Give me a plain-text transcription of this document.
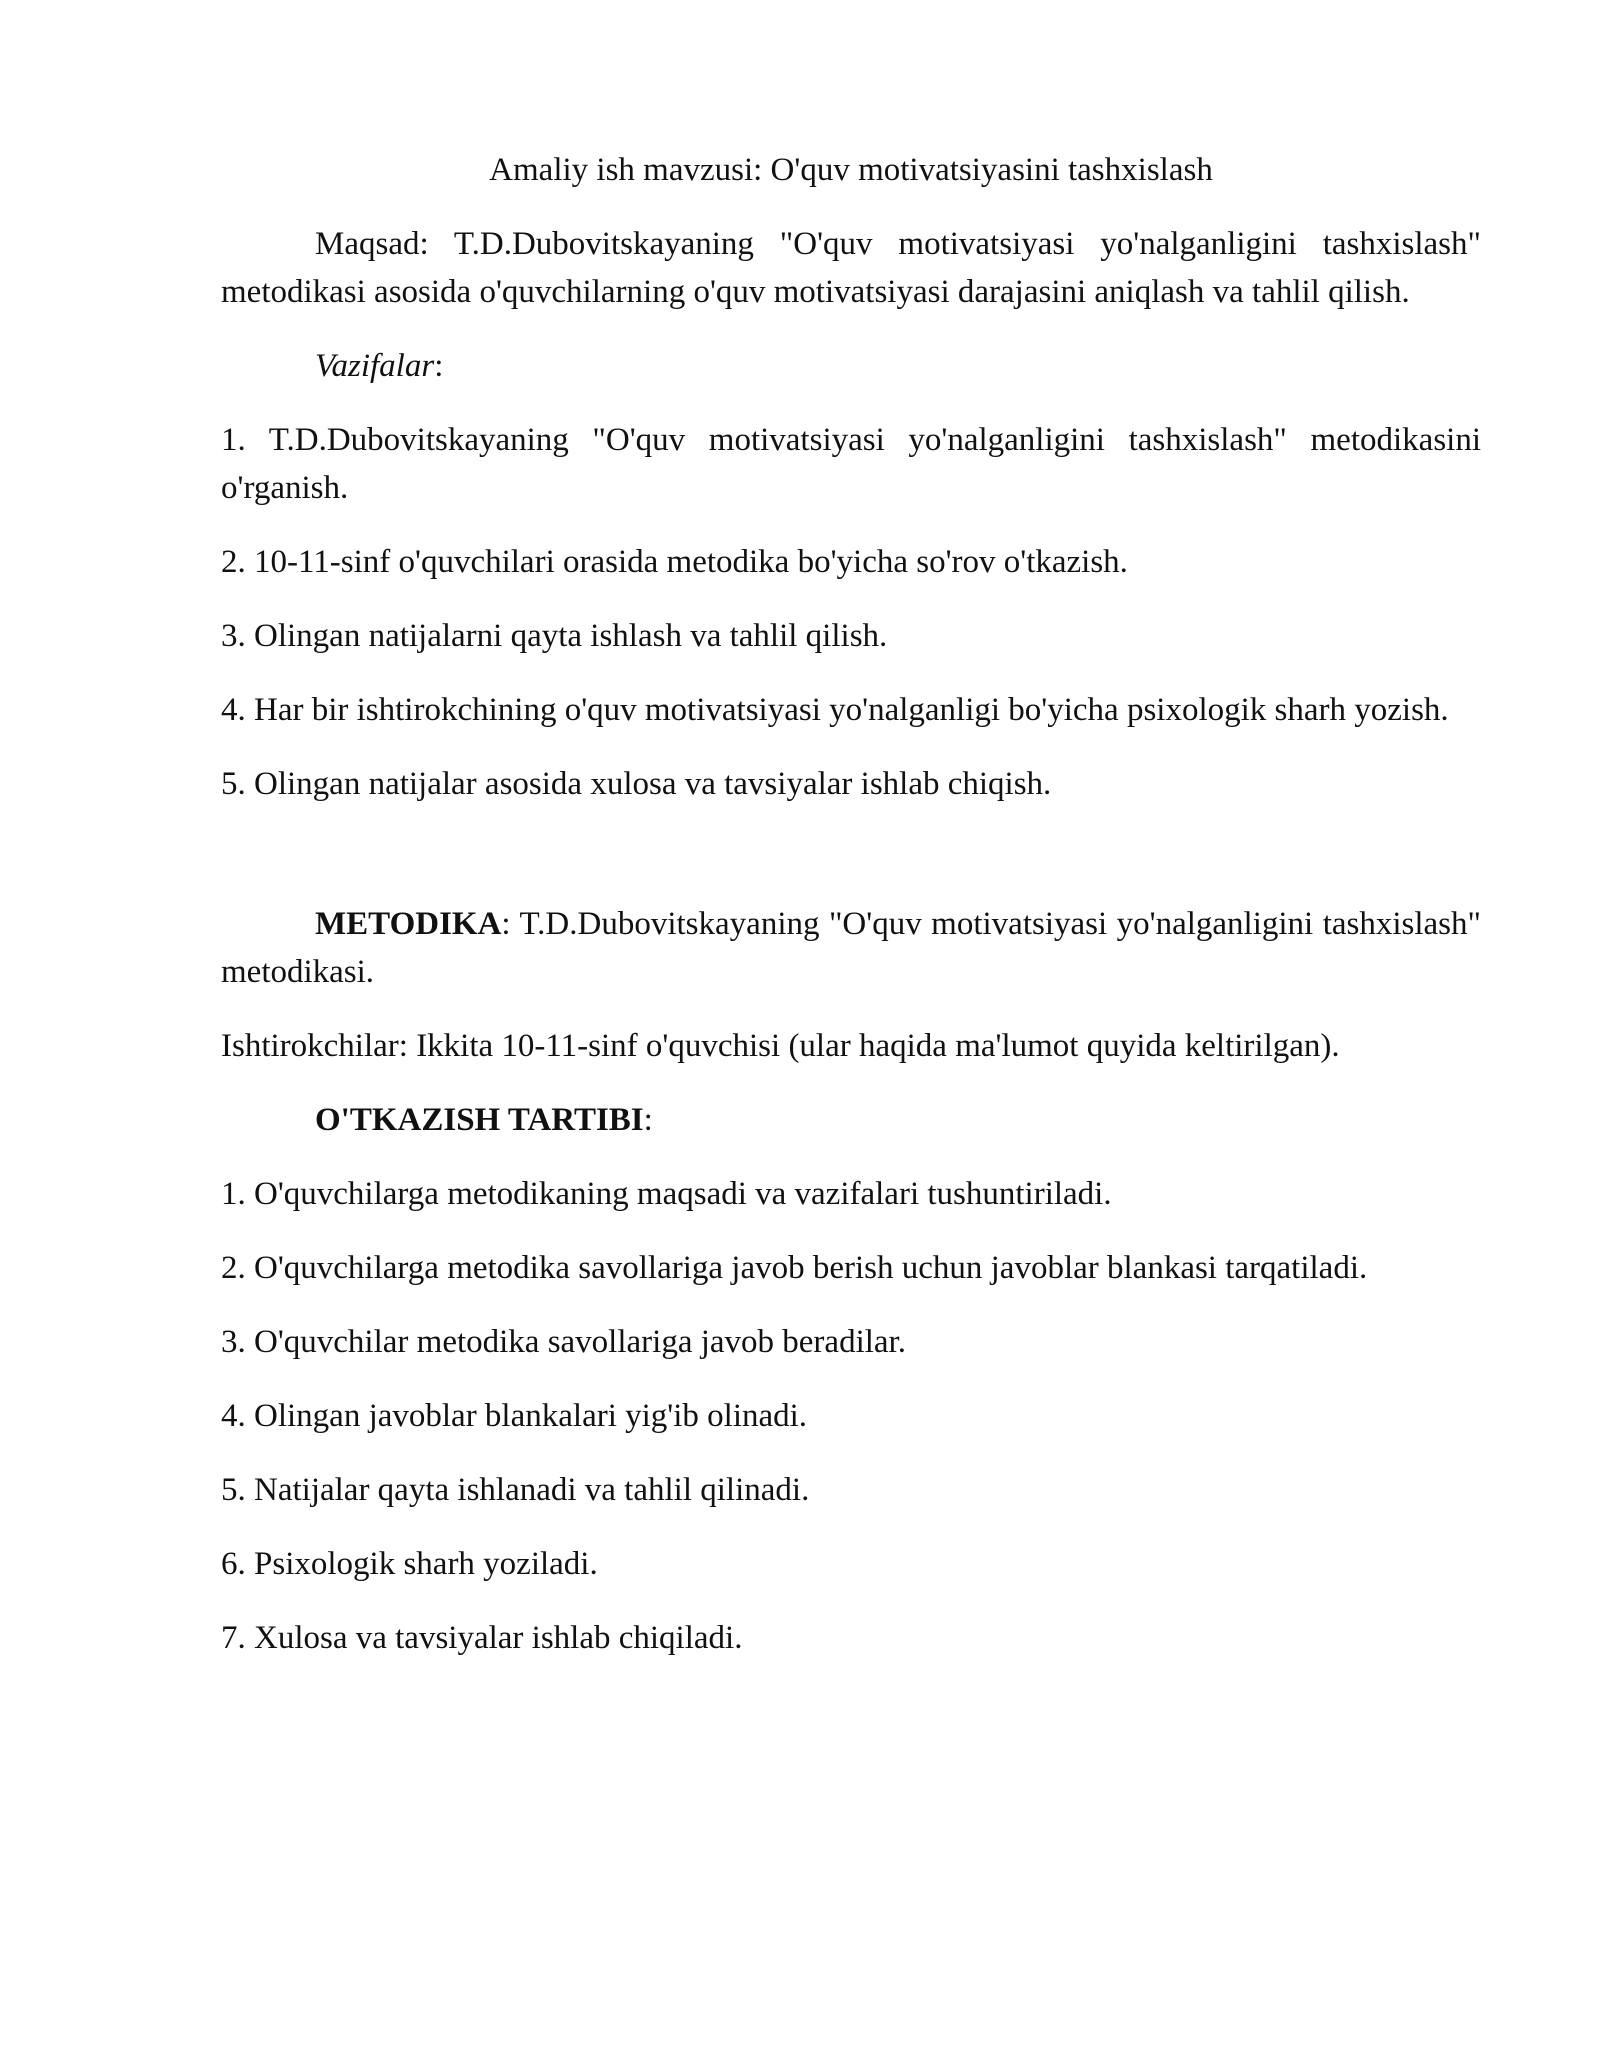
Amaliy ish mavzusi: O'quv motivatsiyasini tashxislash

Maqsad: T.D.Dubovitskayaning "O'quv motivatsiyasi yo'nalganligini tashxislash" metodikasi asosida o'quvchilarning o'quv motivatsiyasi darajasini aniqlash va tahlil qilish.

Vazifalar:

1. T.D.Dubovitskayaning "O'quv motivatsiyasi yo'nalganligini tashxislash" metodikasini o'rganish.

2. 10-11-sinf o'quvchilari orasida metodika bo'yicha so'rov o'tkazish.

3. Olingan natijalarni qayta ishlash va tahlil qilish.

4. Har bir ishtirokchining o'quv motivatsiyasi yo'nalganligi bo'yicha psixologik sharh yozish.

5. Olingan natijalar asosida xulosa va tavsiyalar ishlab chiqish.

METODIKA: T.D.Dubovitskayaning "O'quv motivatsiyasi yo'nalganligini tashxislash" metodikasi.

Ishtirokchilar: Ikkita 10-11-sinf o'quvchisi (ular haqida ma'lumot quyida keltirilgan).

O'TKAZISH TARTIBI:

1. O'quvchilarga metodikaning maqsadi va vazifalari tushuntiriladi.

2. O'quvchilarga metodika savollariga javob berish uchun javoblar blankasi tarqatiladi.

3. O'quvchilar metodika savollariga javob beradilar.

4. Olingan javoblar blankalari yig'ib olinadi.

5. Natijalar qayta ishlanadi va tahlil qilinadi.

6. Psixologik sharh yoziladi.

7. Xulosa va tavsiyalar ishlab chiqiladi.
